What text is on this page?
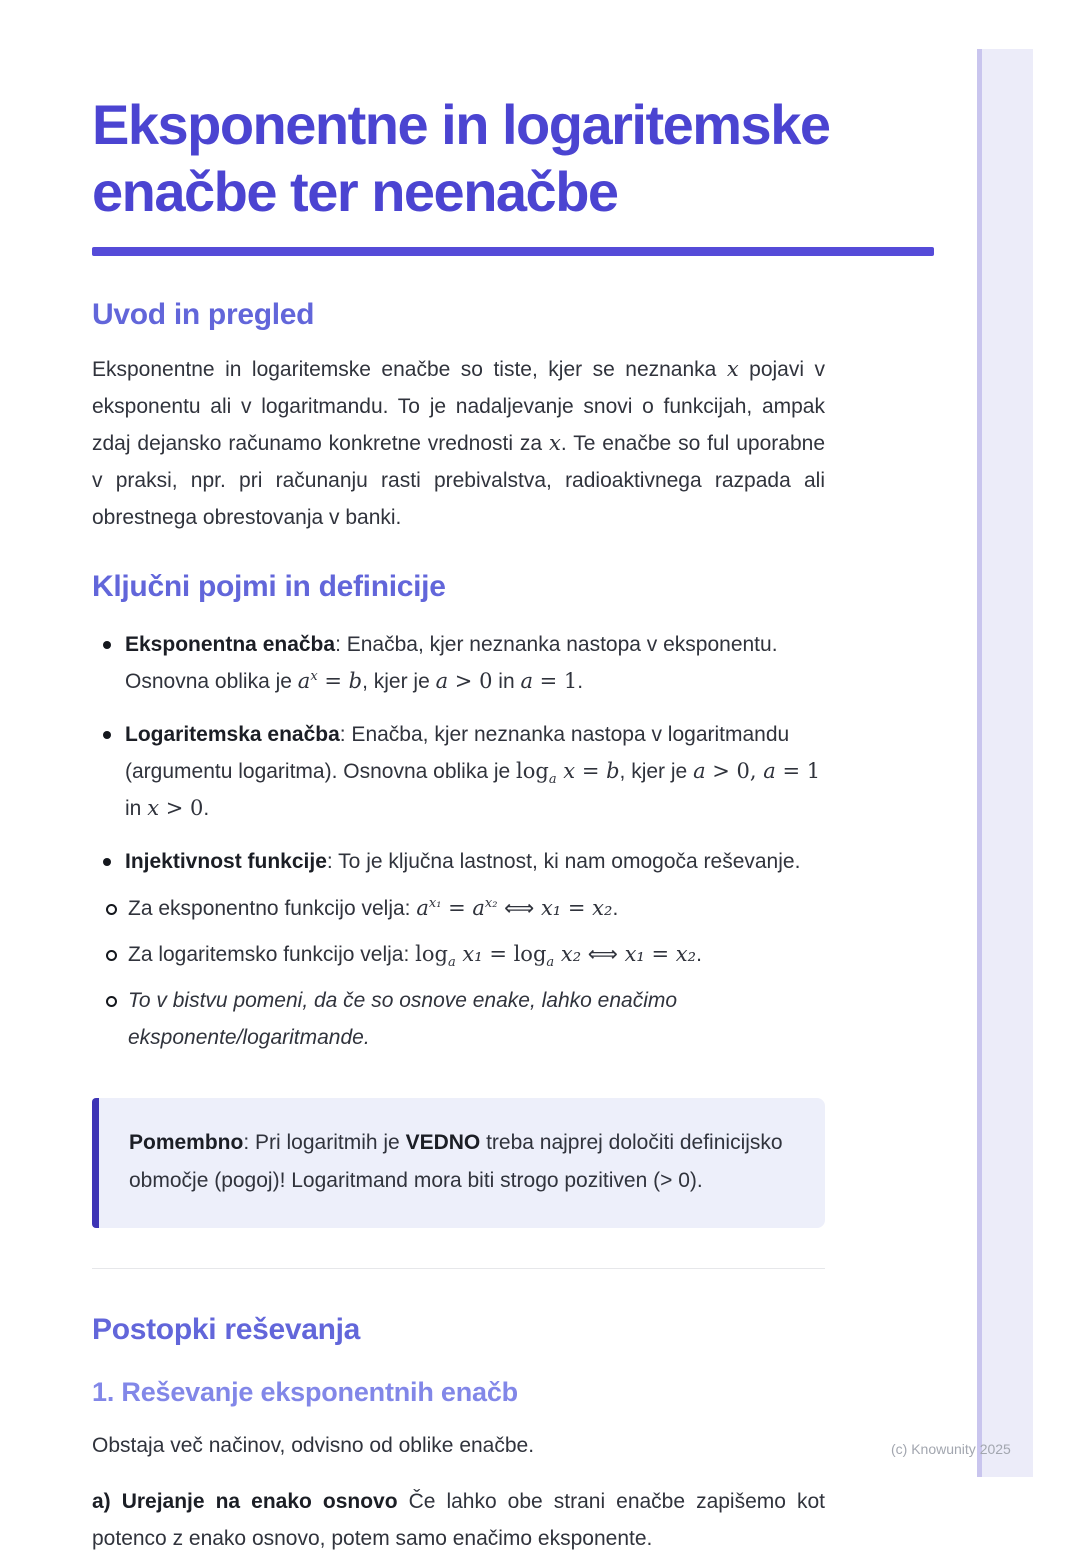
Eksponentne in logaritemske
enačbe ter neenačbe
Uvod in pregled

Eksponentne in logaritemske enačbe so tiste, kjer se neznanka x pojavi v eksponentu ali v logaritmandu. To je nadaljevanje snovi o funkcijah, ampak zdaj dejansko računamo konkretne vrednosti za x. Te enačbe so ful uporabne v praksi, npr. pri računanju rasti prebivalstva, radioaktivnega razpada ali obrestnega obrestovanja v banki.

Ključni pojmi in definicije
Eksponentna enačba: Enačba, kjer neznanka nastopa v eksponentu. Osnovna oblika je $a^x = b$, kjer je a > 0 in a = 1.
Logaritemska enačba: Enačba, kjer neznanka nastopa v logaritmandu (argumentu logaritma). Osnovna oblika je $\log_a x = b$, kjer je a > 0, a = 1 in x > 0.
Injektivnost funkcije: To je ključna lastnost, ki nam omogoča reševanje.
Za eksponentno funkcijo velja: $a^{x_1} = a^{x_2}$ ⟺ x₁ = x₂.
Za logaritemsko funkcijo velja: $\log_a x_1 = \log_a x_2$ ⟺ x₁ = x₂.
To v bistvu pomeni, da če so osnove enake, lahko enačimo eksponente/logaritmande.

Pomembno: Pri logaritmih je VEDNO treba najprej določiti definicijsko območje (pogoj)! Logaritmand mora biti strogo pozitiven (> 0).

Postopki reševanja
1. Reševanje eksponentnih enačb

Obstaja več načinov, odvisno od oblike enačbe.

a) Urejanje na enako osnovo Če lahko obe strani enačbe zapišemo kot potenco z enako osnovo, potem samo enačimo eksponente.

(c) Knowunity 2025
